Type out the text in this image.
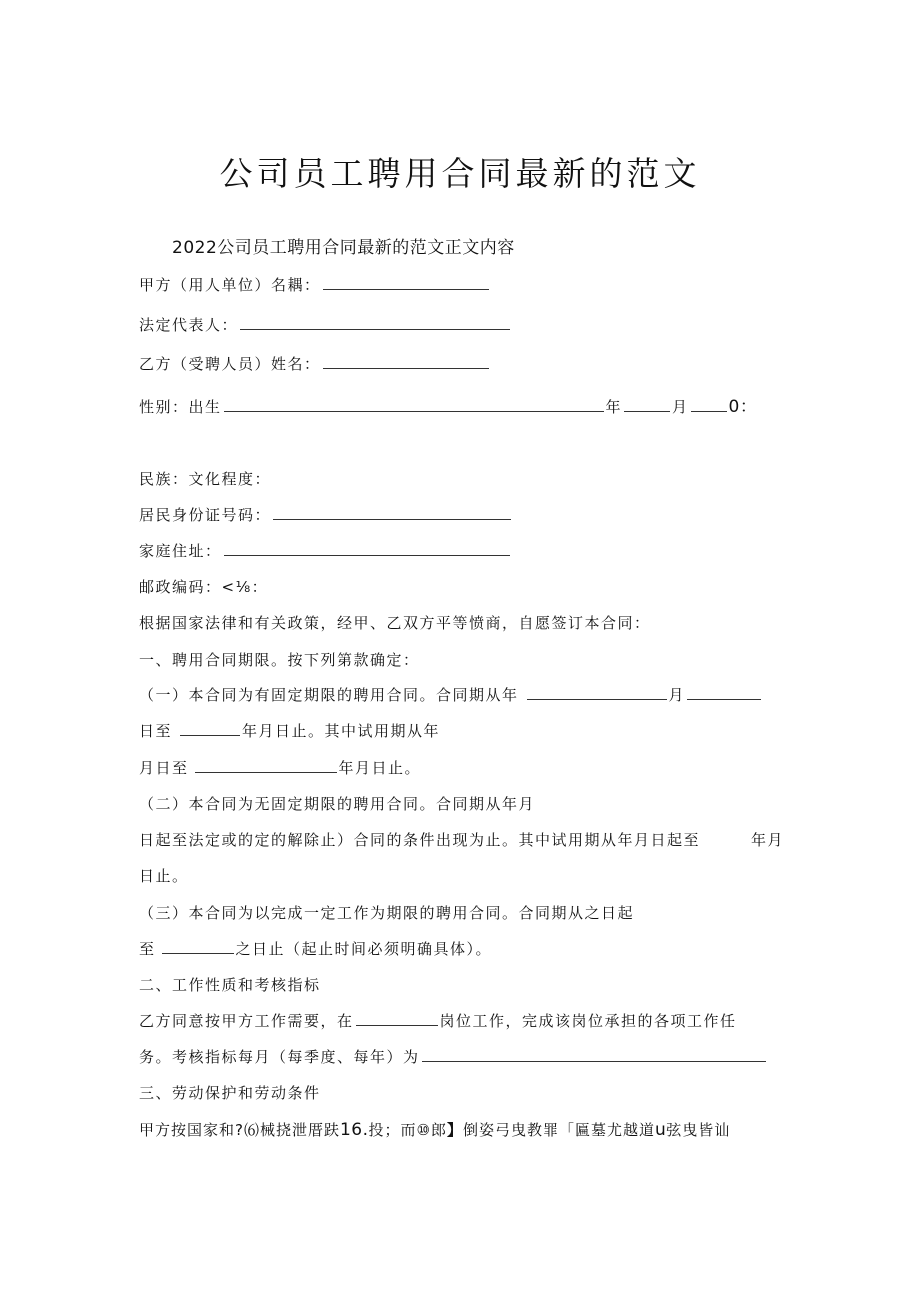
公司员工聘用合同最新的范文
2022公司员工聘用合同最新的范文正文内容
甲方（用人单位）名耦：
法定代表人：
乙方（受聘人员）姓名：
性别：出生	年	月 0：
民族：文化程度：
居民身份证号码：
家庭住址：
邮政编码：<⅛：
根据国家法律和有关政策，经甲、乙双方平等愤商，自愿签订本合同：
一、聘用合同期限。按下列第款确定：
（一）本合同为有固定期限的聘用合同。合同期从年	月
日至	年月日止。其中试用期从年
月日至	年月日止。
（二）本合同为无固定期限的聘用合同。合同期从年月
日起至法定或的定的解除止）合同的条件出现为止。其中试用期从年月日起至	年月
日止。
（三）本合同为以完成一定工作为期限的聘用合同。合同期从之日起
至	之日止（起止时间必须明确具体）。
二、工作性质和考核指标
乙方同意按甲方工作需要，在	岗位工作，完成该岗位承担的各项工作任
务。考核指标每月（每季度、每年）为
三、劳动保护和劳动条件
甲方按国家和?⑹械挠泄厝趺16.投；而⑩郎】倒姿弓曳教罪「匾墓尤越道u弦曳皆讪
